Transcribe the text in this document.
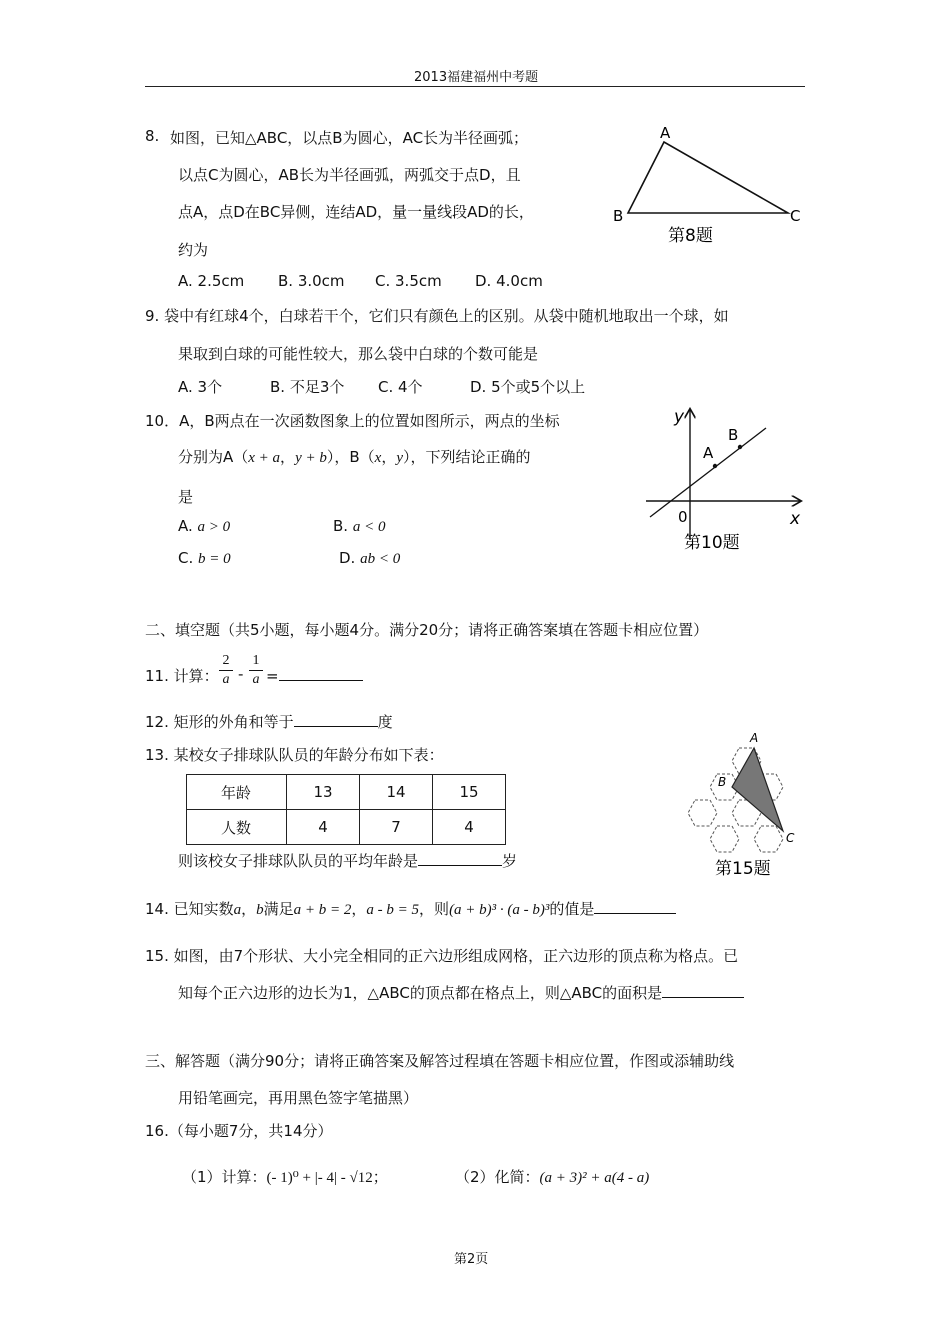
2013福建福州中考题
8. 如图，已知△ABC，以点B为圆心，AC长为半径画弧；
以点C为圆心，AB长为半径画弧，两弧交于点D，且
点A，点D在BC异侧，连结AD，量一量线段AD的长，
约为
A. 2.5cm B. 3.0cm C. 3.5cm D. 4.0cm
A
B	C
第8题
9. 袋中有红球4个，白球若干个，它们只有颜色上的区别。从袋中随机地取出一个球，如
果取到白球的可能性较大，那么袋中白球的个数可能是
A. 3个	B. 不足3个 C. 4个	D. 5个或5个以上
10．A，B两点在一次函数图象上的位置如图所示，两点的坐标
分别为A（x + a，y + b），B（x，y），下列结论正确的
是
A. a > 0	B. a < 0
C. b = 0	D. ab < 0
y
x
0
A
B
第10题
二、填空题（共5小题，每小题4分。满分20分；请将正确答案填在答题卡相应位置）
11. 计算：
2
a -
1
a =
12. 矩形的外角和等于	度
13. 某校女子排球队队员的年龄分布如下表：
年龄	13	14	15
人数	4	7	4
则该校女子排球队队员的平均年龄是	岁
A
B
C
第15题
14. 已知实数a，b满足a + b = 2，a - b = 5，则(a + b)³ · (a - b)³的值是
15. 如图，由7个形状、大小完全相同的正六边形组成网格，正六边形的顶点称为格点。已
知每个正六边形的边长为1，△ABC的顶点都在格点上，则△ABC的面积是
三、解答题（满分90分；请将正确答案及解答过程填在答题卡相应位置，作图或添辅助线
用铅笔画完，再用黑色签字笔描黑）
16.（每小题7分，共14分）
（1）计算：(- 1)⁰ + |- 4| - √12；	（2）化简：(a + 3)² + a(4 - a)
第2页
